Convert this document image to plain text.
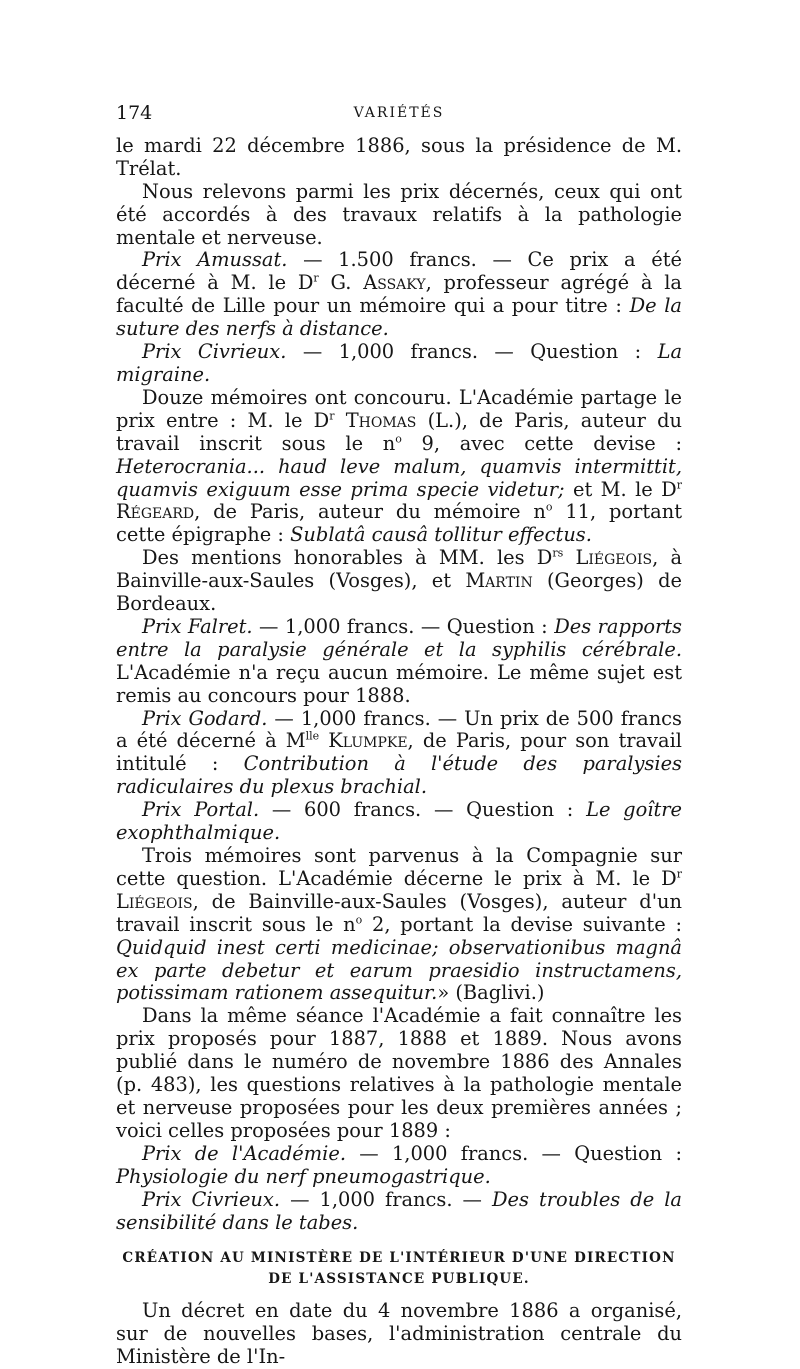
174	VARIÉTÉS

le mardi 22 décembre 1886, sous la présidence de M. Trélat.

Nous relevons parmi les prix décernés, ceux qui ont été accordés à des travaux relatifs à la pathologie mentale et nerveuse.

Prix Amussat. — 1.500 francs. — Ce prix a été décerné à M. le $D^r$ G. Assaky, professeur agrégé à la faculté de Lille pour un mémoire qui a pour titre : De la suture des nerfs à distance.

Prix Civrieux. — 1,000 francs. — Question : La migraine.

Douze mémoires ont concouru. L'Académie partage le prix entre : M. le $D^r$ Thomas (L.), de Paris, auteur du travail inscrit sous le $n^o$ 9, avec cette devise : Heterocrania... haud leve malum, quamvis intermittit, quamvis exiguum esse prima specie videtur; et M. le $D^r$ Régeard, de Paris, auteur du mémoire $n^o$ 11, portant cette épigraphe : Sublatâ causâ tollitur effectus.

Des mentions honorables à MM. les $D^{rs}$ Liégeois, à Bainville-aux-Saules (Vosges), et Martin (Georges) de Bordeaux.

Prix Falret. — 1,000 francs. — Question : Des rapports entre la paralysie générale et la syphilis cérébrale. L'Académie n'a reçu aucun mémoire. Le même sujet est remis au concours pour 1888.

Prix Godard. — 1,000 francs. — Un prix de 500 francs a été décerné à $M^{lle}$ Klumpke, de Paris, pour son travail intitulé : Contribution à l'étude des paralysies radiculaires du plexus brachial.

Prix Portal. — 600 francs. — Question : Le goître exophthalmique.

Trois mémoires sont parvenus à la Compagnie sur cette question. L'Académie décerne le prix à M. le $D^r$ Liégeois, de Bainville-aux-Saules (Vosges), auteur d'un travail inscrit sous le $n^o$ 2, portant la devise suivante : Quidquid inest certi medicinae; observationibus magnâ ex parte debetur et earum praesidio instructamens, potissimam rationem assequitur.» (Baglivi.)

Dans la même séance l'Académie a fait connaître les prix proposés pour 1887, 1888 et 1889. Nous avons publié dans le numéro de novembre 1886 des Annales (p. 483), les questions relatives à la pathologie mentale et nerveuse proposées pour les deux premières années ; voici celles proposées pour 1889 :

Prix de l'Académie. — 1,000 francs. — Question : Physiologie du nerf pneumogastrique.

Prix Civrieux. — 1,000 francs. — Des troubles de la sensibilité dans le tabes.

CRÉATION AU MINISTÈRE DE L'INTÉRIEUR D'UNE DIRECTION DE L'ASSISTANCE PUBLIQUE.

Un décret en date du 4 novembre 1886 a organisé, sur de nouvelles bases, l'administration centrale du Ministère de l'In-
